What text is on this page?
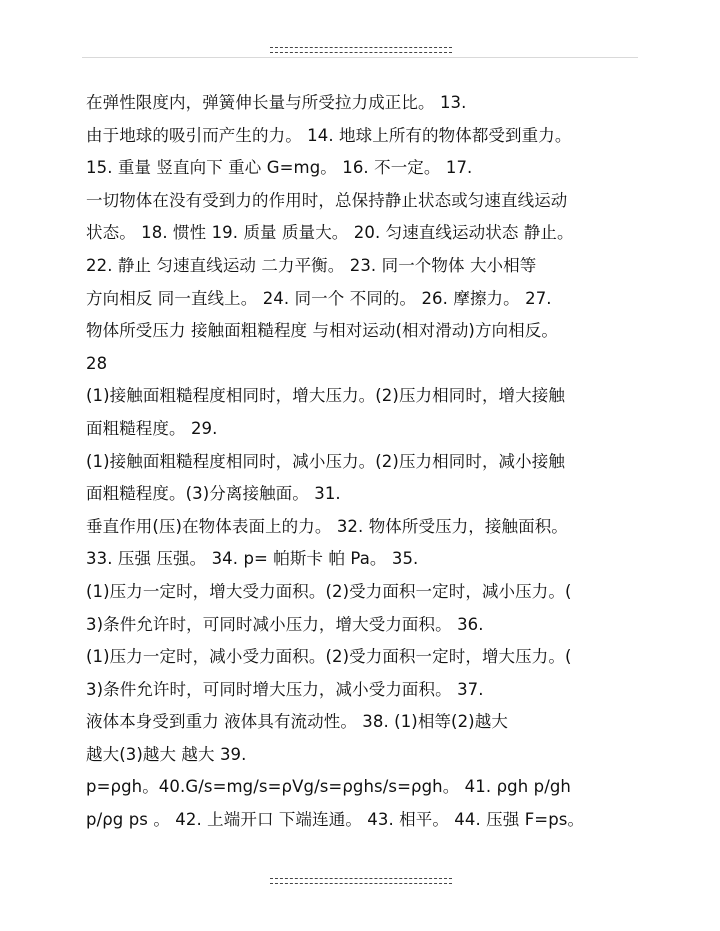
在弹性限度内，弹簧伸长量与所受拉力成正比。 13.
由于地球的吸引而产生的力。 14. 地球上所有的物体都受到重力。
15. 重量 竖直向下 重心 G=mg。 16. 不一定。 17.
一切物体在没有受到力的作用时，总保持静止状态或匀速直线运动
状态。 18. 惯性 19. 质量 质量大。 20. 匀速直线运动状态 静止。
22. 静止 匀速直线运动 二力平衡。 23. 同一个物体 大小相等
方向相反 同一直线上。 24. 同一个 不同的。 26. 摩擦力。 27.
物体所受压力 接触面粗糙程度 与相对运动(相对滑动)方向相反。
28
(1)接触面粗糙程度相同时，增大压力。(2)压力相同时，增大接触
面粗糙程度。 29.
(1)接触面粗糙程度相同时，减小压力。(2)压力相同时，减小接触
面粗糙程度。(3)分离接触面。 31.
垂直作用(压)在物体表面上的力。 32. 物体所受压力，接触面积。
33. 压强 压强。 34. p= 帕斯卡 帕 Pa。 35.
(1)压力一定时，增大受力面积。(2)受力面积一定时，减小压力。(
3)条件允许时，可同时减小压力，增大受力面积。 36.
(1)压力一定时，减小受力面积。(2)受力面积一定时，增大压力。(
3)条件允许时，可同时增大压力，减小受力面积。 37.
液体本身受到重力 液体具有流动性。 38. (1)相等(2)越大
越大(3)越大 越大 39.
p=ρgh。40.G/s=mg/s=ρVg/s=ρghs/s=ρgh。 41. ρgh p/gh
p/ρg ps 。 42. 上端开口 下端连通。 43. 相平。 44. 压强 F=ps。
